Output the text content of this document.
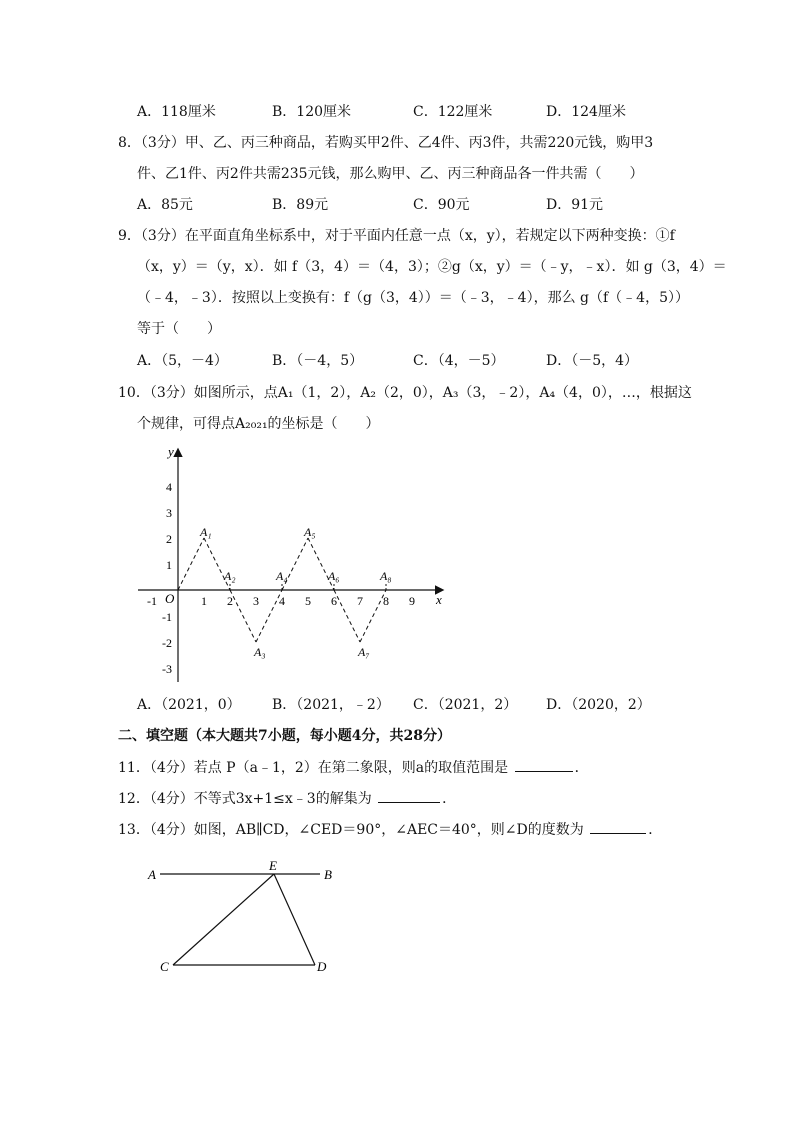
A．118厘米	B．120厘米	C．122厘米	D．124厘米
8．（3分）甲、乙、丙三种商品，若购买甲2件、乙4件、丙3件，共需220元钱，购甲3
件、乙1件、丙2件共需235元钱，那么购甲、乙、丙三种商品各一件共需（　　）
A．85元	B．89元	C．90元	D．91元
9．（3分）在平面直角坐标系中，对于平面内任意一点（x，y），若规定以下两种变换：①f
（x，y）＝（y，x）．如 f（3，4）＝（4，3）；②g（x，y）＝（﹣y，﹣x）．如 g（3，4）＝
（﹣4，﹣3）．按照以上变换有：f（g（3，4））＝（﹣3，﹣4），那么 g（f（﹣4，5））
等于（　　）
A．（5，－4）	B．（－4，5）	C．（4，－5）	D．（－5，4）
10．（3分）如图所示，点A₁（1，2），A₂（2，0），A₃（3，﹣2），A₄（4，0），…，根据这
个规律，可得点A₂₀₂₁的坐标是（　　）
y
x
O
-1	1 2 3 4 5 6 7 8 9
4
3
2
1
-1
-2
-3
A₁
A₂
A₃
A₄
A₅
A₆
A₇
A₈
A．（2021，0） B．（2021，﹣2） C．（2021，2） D．（2020，2）
二、填空题（本大题共7小题，每小题4分，共28分）
11．（4分）若点 P（a﹣1，2）在第二象限，则a的取值范围是	．
12．（4分）不等式3x+1≤x﹣3的解集为	．
13．（4分）如图，AB∥CD，∠CED＝90°，∠AEC＝40°，则∠D的度数为	．
A
E
B
C	D
